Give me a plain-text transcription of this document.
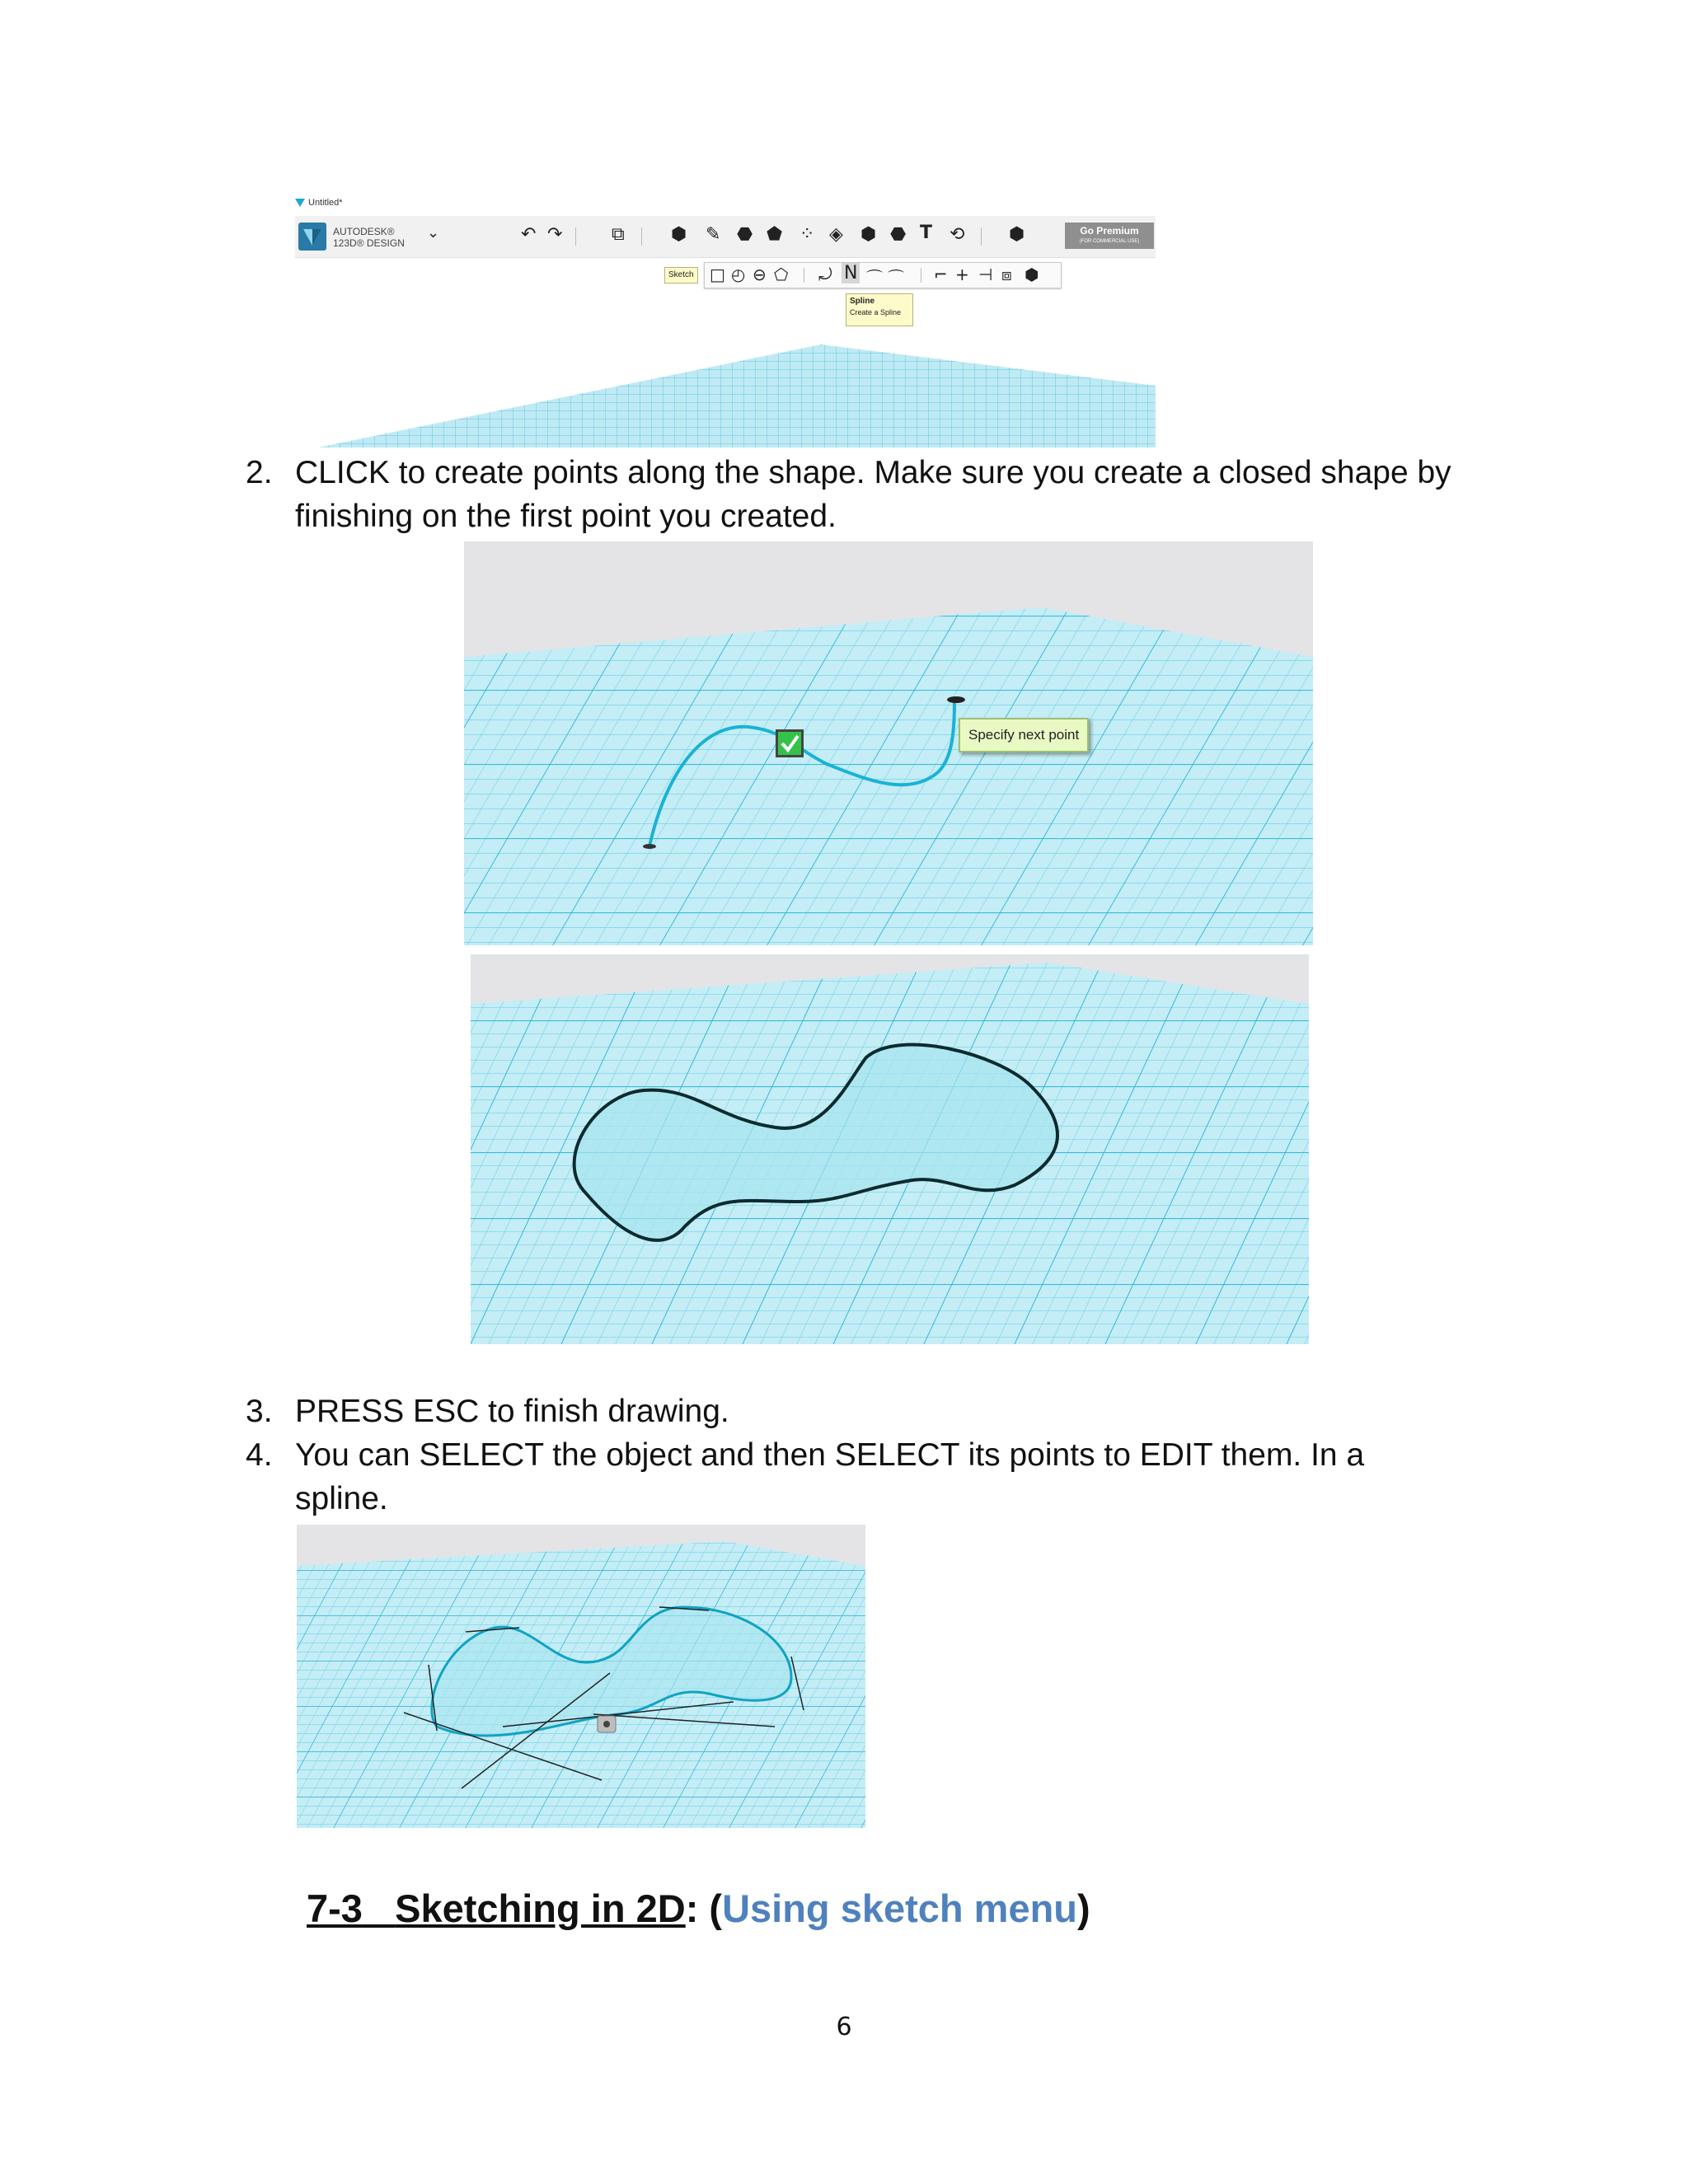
Untitled*
AUTODESK®
123D® DESIGN
⌄	↶ ↷	⧉	⬢ ✎ ⬣ ⬟ ⁘ ◈ ⬢ ⬣ T ⟲ ⬢	Go Premium
(FOR COMMERCIAL USE)
Sketch □ ◴ ⊖ ⬠ ⤾ N ⌒ ⌒ ⌐ + ⊣ ⧈ ⬢
Spline
Create a Spline
2. CLICK to create points along the shape. Make sure you create a closed shape by
finishing on the first point you created.
Specify next point
3. PRESS ESC to finish drawing.
4. You can SELECT the object and then SELECT its points to EDIT them. In a
spline.
7-3 Sketching in 2D: (Using sketch menu)
6
